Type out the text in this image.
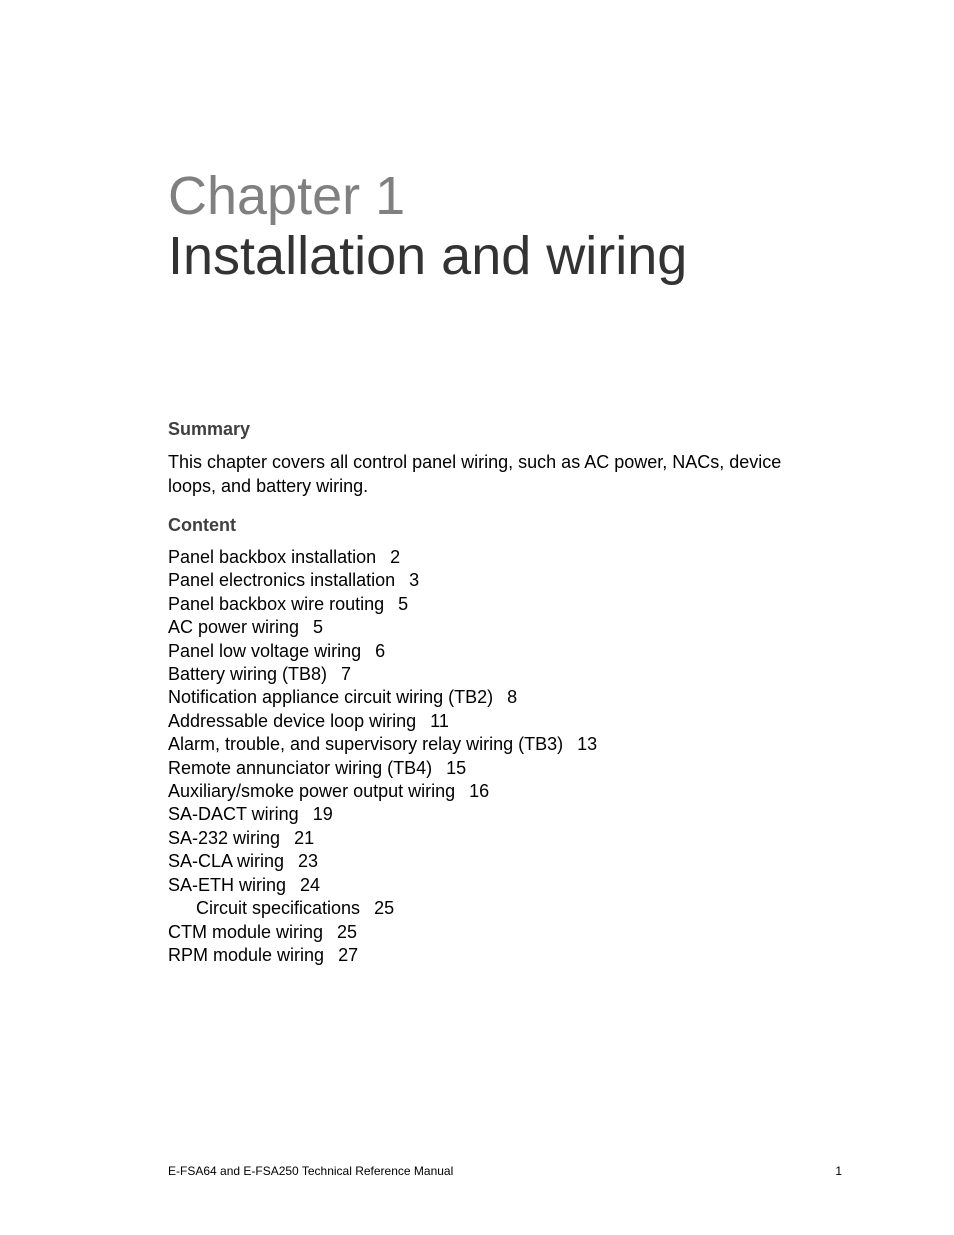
Chapter 1
Installation and wiring
Summary
This chapter covers all control panel wiring, such as AC power, NACs, device loops, and battery wiring.
Content
Panel backbox installation 2
Panel electronics installation 3
Panel backbox wire routing 5
AC power wiring 5
Panel low voltage wiring 6
Battery wiring (TB8) 7
Notification appliance circuit wiring (TB2) 8
Addressable device loop wiring 11
Alarm, trouble, and supervisory relay wiring (TB3) 13
Remote annunciator wiring (TB4) 15
Auxiliary/smoke power output wiring 16
SA-DACT wiring 19
SA-232 wiring 21
SA-CLA wiring 23
SA-ETH wiring 24
Circuit specifications 25
CTM module wiring 25
RPM module wiring 27
E-FSA64 and E-FSA250 Technical Reference Manual	1
